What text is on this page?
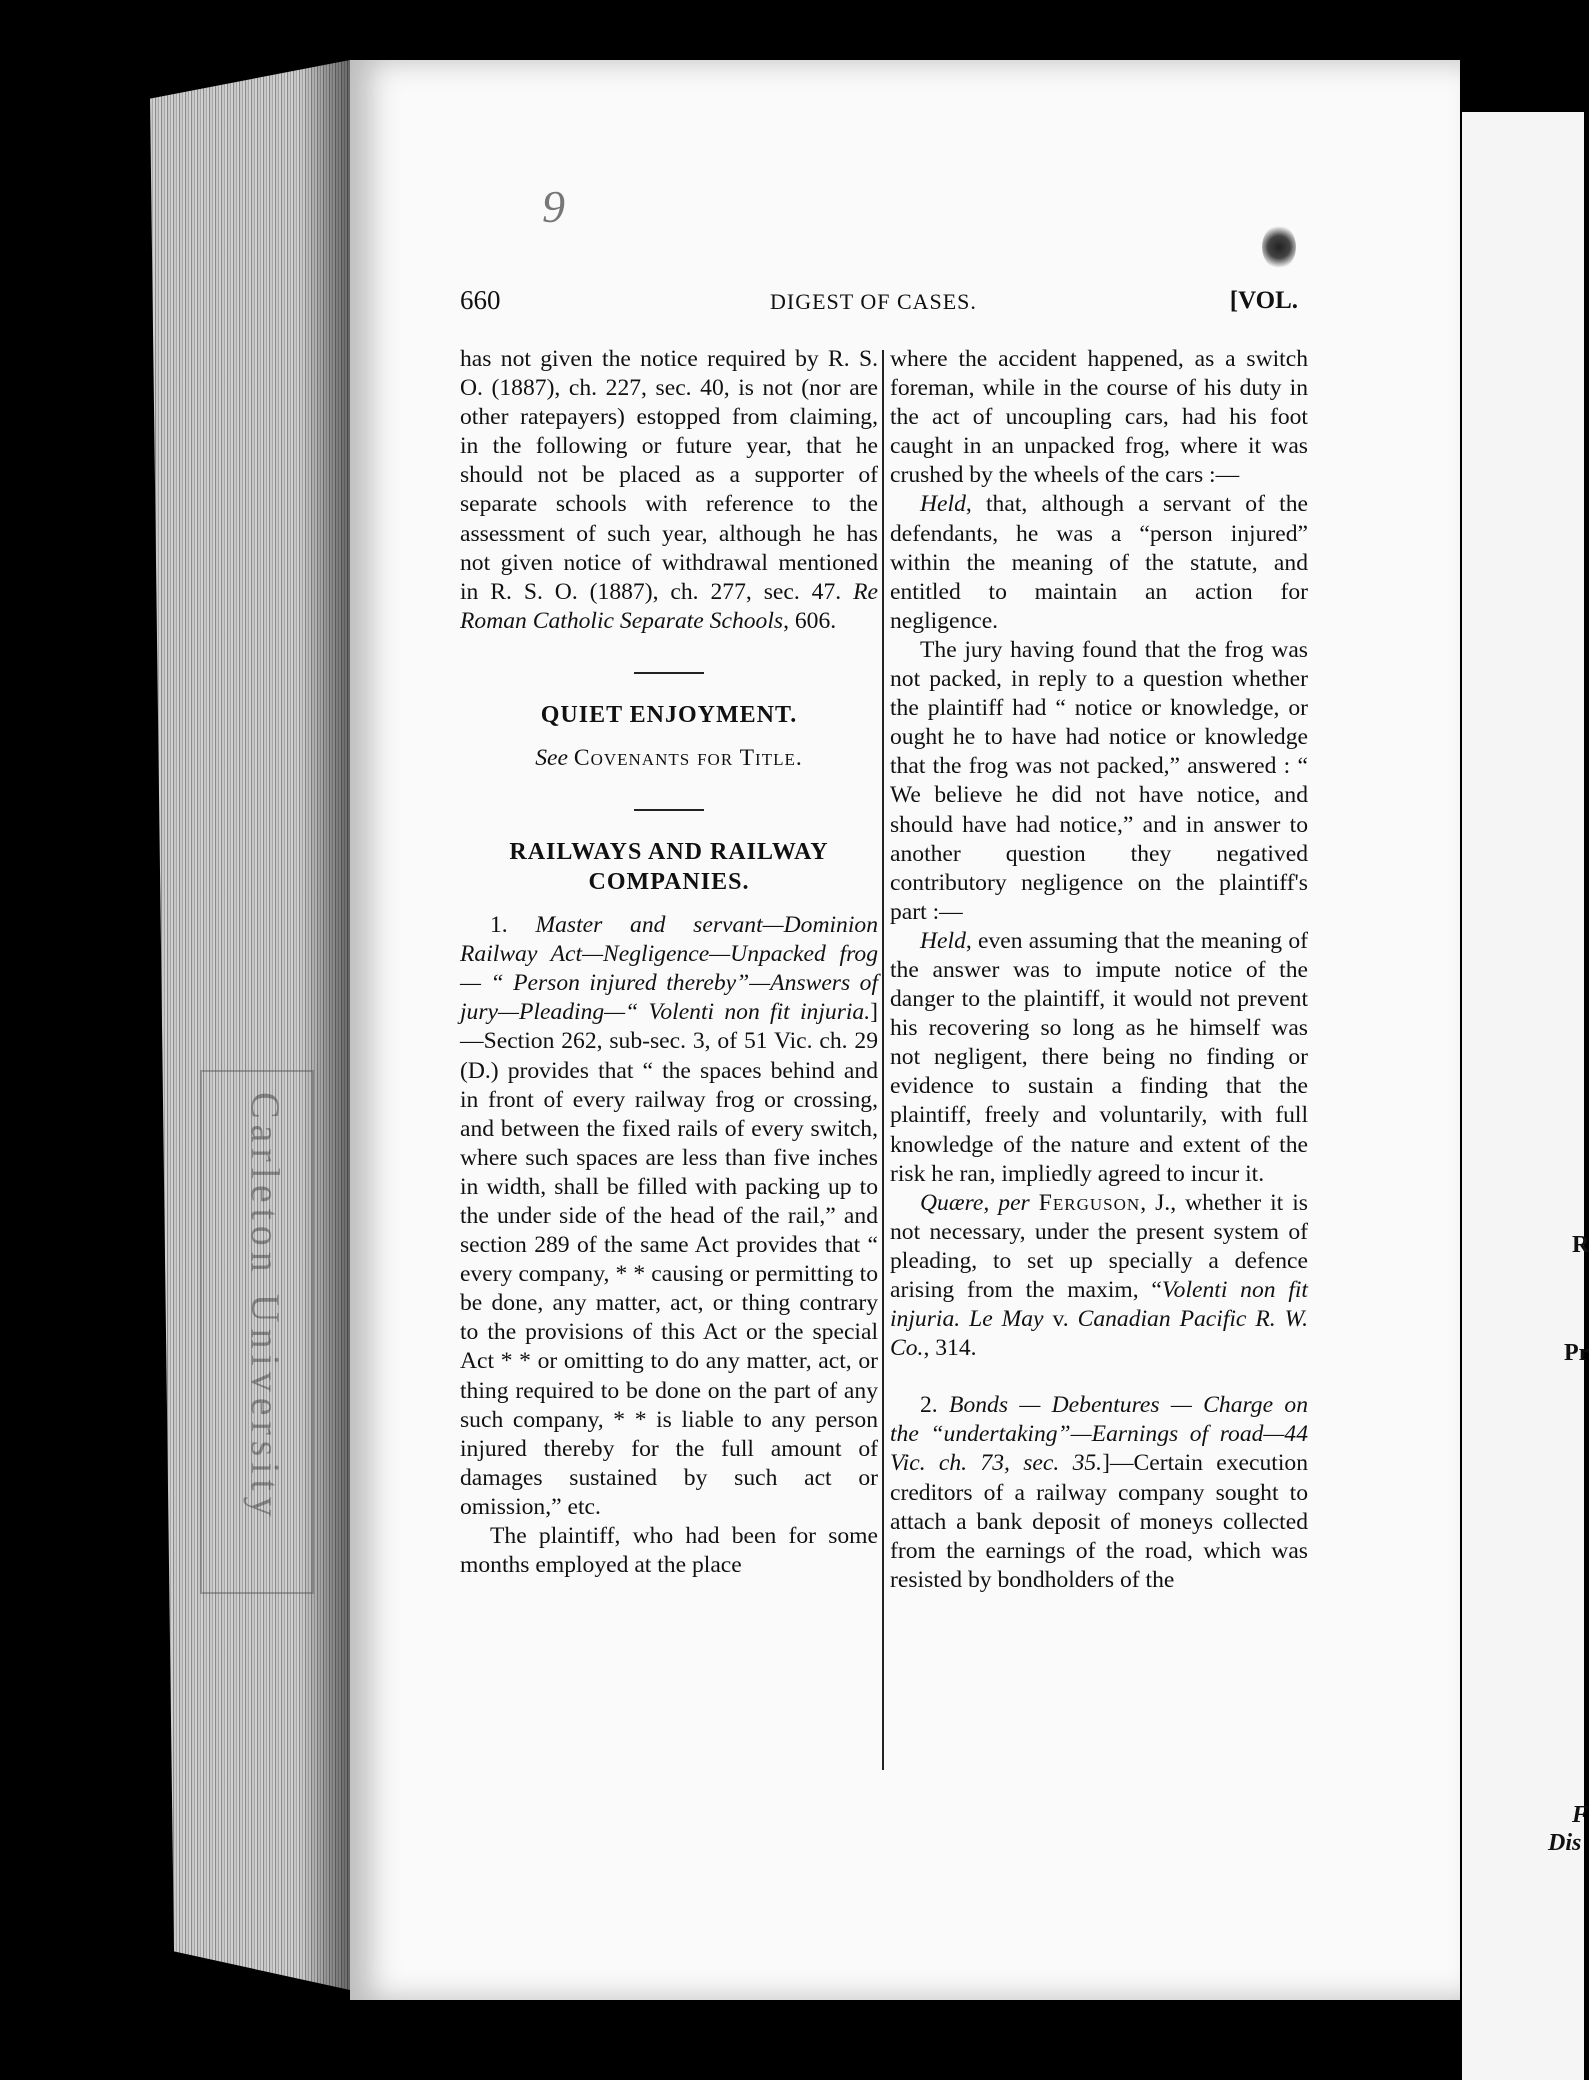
Carleton University	R
Pr
F
Dis
9
660	DIGEST OF CASES.	[VOL.

has not given the notice required by R. S. O. (1887), ch. 227, sec. 40, is not (nor are other ratepayers) estopped from claiming, in the following or future year, that he should not be placed as a supporter of separate schools with reference to the assessment of such year, although he has not given notice of withdrawal mentioned in R. S. O. (1887), ch. 277, sec. 47. Re Roman Catholic Separate Schools, 606.

QUIET ENJOYMENT.
See Covenants for Title.
RAILWAYS AND RAILWAY
COMPANIES.

1. Master and servant—Dominion Railway Act—Negligence—Unpacked frog — “ Person injured thereby”—Answers of jury—Pleading—“ Volenti non fit injuria.]—Section 262, sub-sec. 3, of 51 Vic. ch. 29 (D.) provides that “ the spaces behind and in front of every railway frog or crossing, and between the fixed rails of every switch, where such spaces are less than five inches in width, shall be filled with packing up to the under side of the head of the rail,” and section 289 of the same Act provides that “ every company, * * causing or permitting to be done, any matter, act, or thing contrary to the provisions of this Act or the special Act * * or omitting to do any matter, act, or thing required to be done on the part of any such company, * * is liable to any person injured thereby for the full amount of damages sustained by such act or omission,” etc.

The plaintiff, who had been for some months employed at the place

where the accident happened, as a switch foreman, while in the course of his duty in the act of uncoupling cars, had his foot caught in an unpacked frog, where it was crushed by the wheels of the cars :—

Held, that, although a servant of the defendants, he was a “person injured” within the meaning of the statute, and entitled to maintain an action for negligence.

The jury having found that the frog was not packed, in reply to a question whether the plaintiff had “ notice or knowledge, or ought he to have had notice or knowledge that the frog was not packed,” answered : “ We believe he did not have notice, and should have had notice,” and in answer to another question they negatived contributory negligence on the plaintiff's part :—

Held, even assuming that the meaning of the answer was to impute notice of the danger to the plaintiff, it would not prevent his recovering so long as he himself was not negligent, there being no finding or evidence to sustain a finding that the plaintiff, freely and voluntarily, with full knowledge of the nature and extent of the risk he ran, impliedly agreed to incur it.

Quære, per Ferguson, J., whether it is not necessary, under the present system of pleading, to set up specially a defence arising from the maxim, “Volenti non fit injuria. Le May v. Canadian Pacific R. W. Co., 314.

2. Bonds — Debentures — Charge on the “undertaking”—Earnings of road—44 Vic. ch. 73, sec. 35.]—Certain execution creditors of a railway company sought to attach a bank deposit of moneys collected from the earnings of the road, which was resisted by bondholders of the
